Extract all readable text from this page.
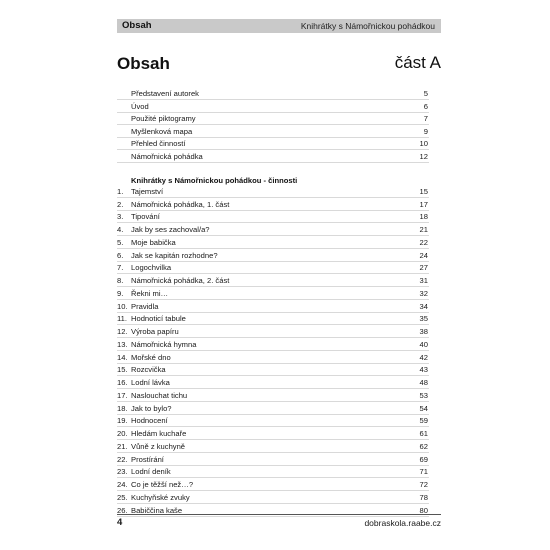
Obsah	Knihrátky s Námořnickou pohádkou
Obsah	část A
Představení autorek	5
Úvod	6
Použité piktogramy	7
Myšlenková mapa	9
Přehled činností	10
Námořnická pohádka	12
Knihrátky s Námořnickou pohádkou - činnosti
1. Tajemství	15
2. Námořnická pohádka, 1. část	17
3. Tipování	18
4. Jak by ses zachoval/a?	21
5. Moje babička	22
6. Jak se kapitán rozhodne?	24
7. Logochvilka	27
8. Námořnická pohádka, 2. část	31
9. Řekni mi…	32
10. Pravidla	34
11. Hodnoticí tabule	35
12. Výroba papíru	38
13. Námořnická hymna	40
14. Mořské dno	42
15. Rozcvička	43
16. Lodní lávka	48
17. Naslouchat tichu	53
18. Jak to bylo?	54
19. Hodnocení	59
20. Hledám kuchaře	61
21. Vůně z kuchyně	62
22. Prostírání	69
23. Lodní deník	71
24. Co je těžší než…?	72
25. Kuchyňské zvuky	78
26. Babiččina kaše	80
4	dobraskola.raabe.cz
